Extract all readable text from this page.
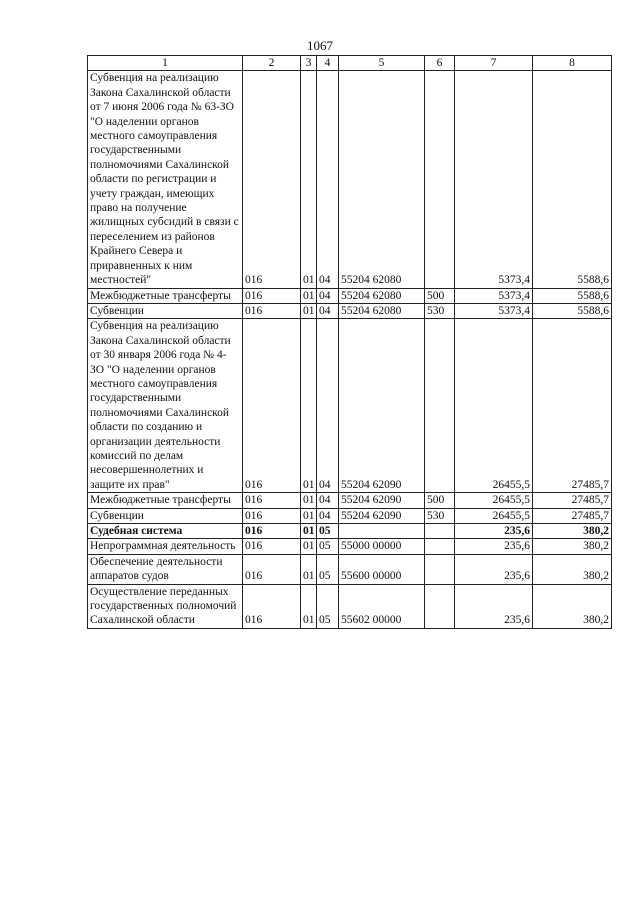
1067
1	2	3	4	5	6	7	8
Субвенция на реализацию Закона Сахалинской области от 7 июня 2006 года № 63-ЗО "О наделении органов местного самоуправления государственными полномочиями Сахалинской области по регистрации и учету граждан, имеющих право на получение жилищных субсидий в связи с переселением из районов Крайнего Севера и приравненных к ним местностей"	016	01	04	55204 62080		5373,4	5588,6
Межбюджетные трансферты	016	01	04	55204 62080	500	5373,4	5588,6
Субвенции	016	01	04	55204 62080	530	5373,4	5588,6
Субвенция на реализацию Закона Сахалинской области от 30 января 2006 года № 4-ЗО "О наделении органов местного самоуправления государственными полномочиями Сахалинской области по созданию и организации деятельности комиссий по делам несовершеннолетних и защите их прав"	016	01	04	55204 62090		26455,5	27485,7
Межбюджетные трансферты	016	01	04	55204 62090	500	26455,5	27485,7
Субвенции	016	01	04	55204 62090	530	26455,5	27485,7
Судебная система	016	01	05			235,6	380,2
Непрограммная деятельность	016	01	05	55000 00000		235,6	380,2
Обеспечение деятельности аппаратов судов	016	01	05	55600 00000		235,6	380,2
Осуществление переданных государственных полномочий Сахалинской области	016	01	05	55602 00000		235,6	380,2
